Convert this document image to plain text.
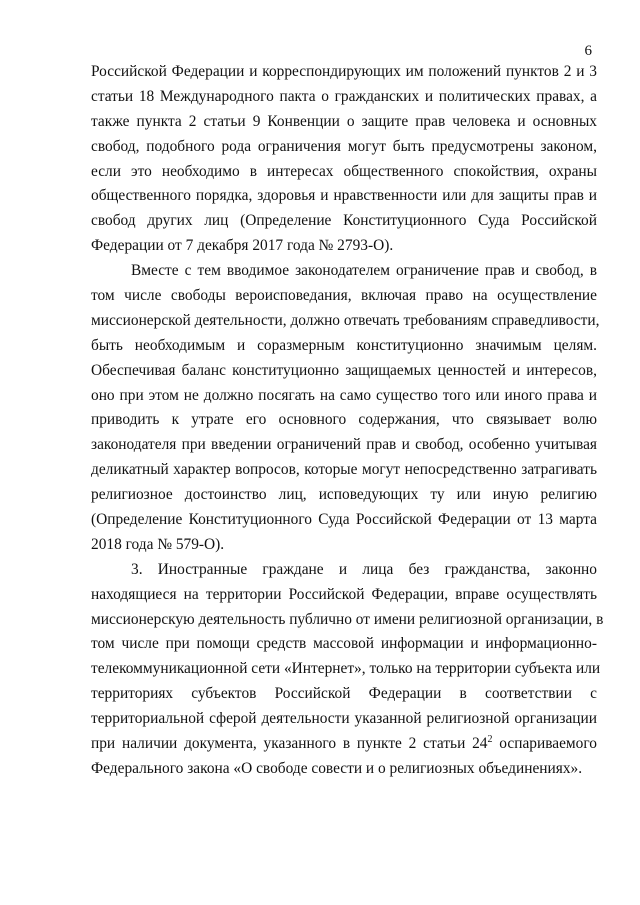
6

Российской Федерации и корреспондирующих им положений пунктов 2 и 3
статьи 18 Международного пакта о гражданских и политических правах, а
также пункта 2 статьи 9 Конвенции о защите прав человека и основных
свобод, подобного рода ограничения могут быть предусмотрены законом,
если это необходимо в интересах общественного спокойствия, охраны
общественного порядка, здоровья и нравственности или для защиты прав и
свобод других лиц (Определение Конституционного Суда Российской
Федерации от 7 декабря 2017 года № 2793-О).

Вместе с тем вводимое законодателем ограничение прав и свобод, в
том числе свободы вероисповедания, включая право на осуществление
миссионерской деятельности, должно отвечать требованиям справедливости,
быть необходимым и соразмерным конституционно значимым целям.
Обеспечивая баланс конституционно защищаемых ценностей и интересов,
оно при этом не должно посягать на само существо того или иного права и
приводить к утрате его основного содержания, что связывает волю
законодателя при введении ограничений прав и свобод, особенно учитывая
деликатный характер вопросов, которые могут непосредственно затрагивать
религиозное достоинство лиц, исповедующих ту или иную религию
(Определение Конституционного Суда Российской Федерации от 13 марта
2018 года № 579-О).

3. Иностранные граждане и лица без гражданства, законно
находящиеся на территории Российской Федерации, вправе осуществлять
миссионерскую деятельность публично от имени религиозной организации, в
том числе при помощи средств массовой информации и информационно-
телекоммуникационной сети «Интернет», только на территории субъекта или
территориях субъектов Российской Федерации в соответствии с
территориальной сферой деятельности указанной религиозной организации
при наличии документа, указанного в пункте 2 статьи $24^2$ оспариваемого
Федерального закона «О свободе совести и о религиозных объединениях».
